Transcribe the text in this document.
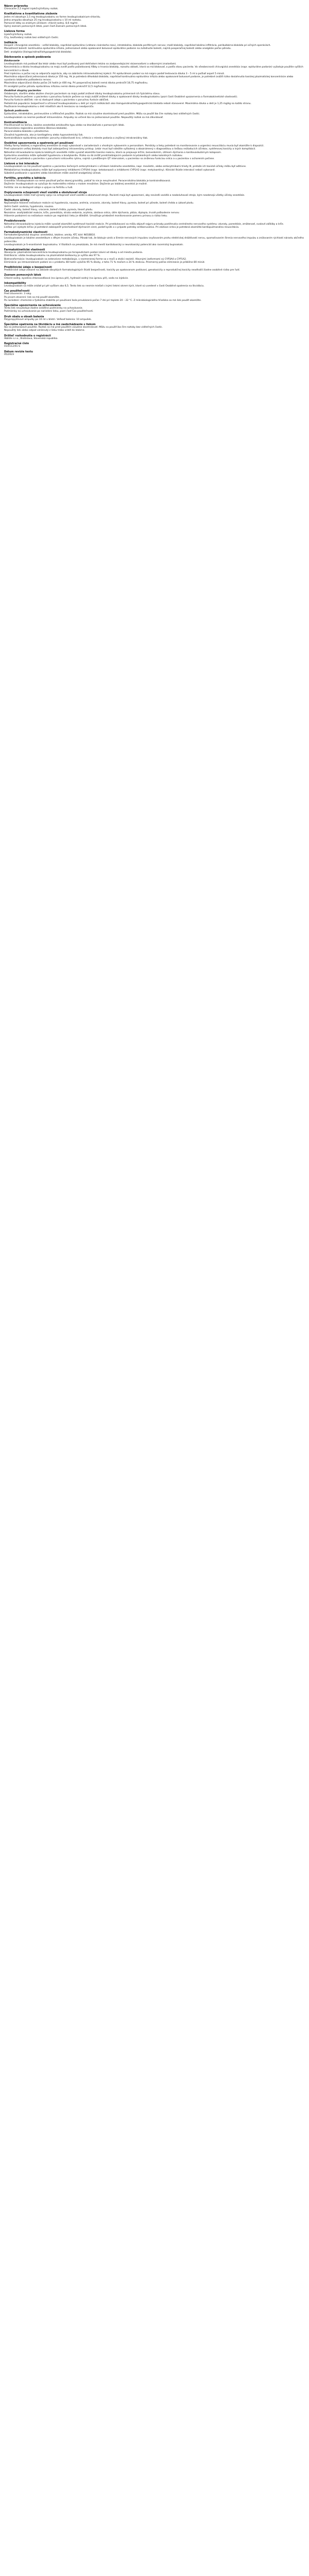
Názov prípravku

Chirocaine 2,5 mg/ml injekčný/infúzny roztok.

Kvalitatívne a kvantitatívne zloženie

Jeden ml obsahuje 2,5 mg levobupivakaínu vo forme levobupivakaínium-chloridu.

Jedna ampulka obsahuje 25 mg levobupivakaínu v 10 ml roztoku.

Pomocné látky so známym účinkom: chlorid sodný, 8,6 mg/ml.

Úplný zoznam pomocných látok, pozri časť Zoznam pomocných látok.

Liekova forma

Injekčný/infúzny roztok.

Číry, bezfarebný roztok bez viditeľných častíc.

Indikácie

Dospelí: chirurgická anestézia – veľké blokády, napríklad epidurálna (vrátane cisárskeho rezu), intratekálna, blokáda periférnych nervov; malé blokády, napríklad lokálna infiltrácia, peribulbárna blokáda pri očných operáciách.

Manažment bolesti: kontinuálna epidurálna infúzia, jednorazové alebo opakované bolusové epidurálne podanie na zvládnutie bolesti, najmä pooperačnej bolesti alebo analgézie počas pôrodu.

Deti: analgézia (ilioinguinálna/iliohypogastrická blokáda).

Dávkovanie a spôsob podávania
Dávkovanie

Levobupivakaín má podávať iba lekár alebo musí byť podávaný pod dohľadom lekára so zodpovedajúcimi skúsenosťami a odbornými znalosťami.

Koncentrácia a dávka levobupivakaínu sa majú zvoliť podľa požadovanej hĺbky a trvania blokády, rozsahu oblasti, ktorá sa má blokovať, a podľa stavu pacienta. Vo všeobecnosti chirurgická anestézia (napr. epidurálne podanie) vyžaduje použitie vyšších koncentrácií a dávok.

Pred injekciou a počas nej sa odporúča aspirácia, aby sa zabránilo intravaskulárnej injekcii. Pri epidurálnom podaní sa má najprv podať testovacia dávka 3 – 5 ml a počkať aspoň 5 minút.

Maximálna odporúčaná jednorazová dávka je 150 mg. Ak je potrebná dlhodobá blokáda, napríklad kontinuálna epidurálna infúzia alebo opakované bolusové podanie, je potrebné zvážiť riziko dosiahnutia toxickej plazmatickej koncentrácie alebo vyvolania lokálneho poškodenia nervov.

Maximálna odporúčaná dávka počas 24 hodín je 400 mg. Pri pooperačnej bolesti nemá dávka prekročiť 18,75 mg/hodinu.

Pri analgézii počas pôrodu epidurálnou infúziou nemá dávka prekročiť 12,5 mg/hodinu.

Osobitné skupiny pacientov

Oslabeným, starším alebo akútne chorým pacientom sa majú podať znížené dávky levobupivakaínu primerané ich fyzickému stavu.

Porucha funkcie pečene: u pacientov s poruchou funkcie pečene sa majú zvážiť znížené dávky a opakované dávky levobupivakaínu (pozri časti Osobitné upozornenia a Farmakokinetické vlastnosti).

Porucha funkcie obličiek: nie sú dostupné údaje u pacientov s poruchou funkcie obličiek.

Pediatrická populácia: bezpečnosť a účinnosť levobupivakaínu u detí pri iných indikáciách ako ilioinguinálna/iliohypogastrická blokáda neboli stanovené. Maximálna dávka u detí je 1,25 mg/kg na každú stranu.

Používanie levobupivakaínu u detí mladších ako 6 mesiacov sa neodporúča.

Spôsob podávania

Epidurálne, intratekálne, perineurálne a infiltračné použitie. Roztok sa má vizuálne skontrolovať pred použitím. Môžu sa použiť iba číre roztoky bez viditeľných častíc.

Levobupivakaín sa nesmie podávať intravenózne. Ampulky sú určené iba na jednorazové použitie. Nepoužitý roztok sa má zlikvidovať.

Kontraindikácie

Precitlivenosť na liečivo, lokálne anestetiká amidového typu alebo na ktorúkoľvek z pomocných látok.

Intravenózna regionálna anestézia (Bierova blokáda).

Paracervikálna blokáda v pôrodníctve.

Závažná hypotenzia, ako je kardiogénny alebo hypovolemický šok.

Kontraindikácie epidurálnej anestézie: poruchy zrážanlivosti krvi, infekcia v mieste podania a zvýšený intrakraniálny tlak.

Osobitné upozornenia a opatrenia pri používaní

Všetky formy lokálnej a regionálnej anestézie sa majú vykonávať v zariadeniach s vhodným vybavením a personálom. Pomôcky a lieky potrebné na monitorovanie a urgentnú resuscitáciu musia byť okamžite k dispozícii.

Pred vykonaním veľkej blokády musí byť zabezpečený intravenózny prístup. Lekár musí byť náležite vyškolený a oboznámený s diagnostikou a liečbou nežiaducich účinkov, systémovej toxicity a iných komplikácií.

Náhodná intravaskulárna injekcia lokálnych anestetík môže vyvolať okamžitú toxickú reakciu, ktorá sa prejavuje kŕčmi, bezvedomím, útlmom dýchania a kardiovaskulárnym kolapsom.

Epidurálna anestézia môže spôsobiť hypotenziu a bradykardiu. Riziko sa dá znížiť predchádzajúcim podaním krystaloidných alebo koloidných roztokov.

Opatrnosť je potrebná u pacientov s poruchami srdcového rytmu, najmä s predĺženým QT intervalom, u pacientov so zníženou funkciou srdca a u pacientov s ochorením pečene.

Liekové a iné interakcie

Levobupivakaín sa má používať opatrne u pacientov liečených antiarytmikami s účinkom lokálneho anestetika, napr. mexiletín, alebo antiarytmikami triedy III, pretože ich toxické účinky môžu byť aditívne.

Metabolizmus levobupivakaínu môže byť ovplyvnený inhibítormi CYP3A4 (napr. ketokonazol) a inhibítormi CYP1A2 (napr. metylxantíny). Klinické štúdie interakcií neboli vykonané.

Súbežné podávanie s opioidmi alebo klonidínom môže zosilniť analgetický účinok.

Fertilita, gravidita a laktácia

Gravidita: levobupivakaín sa nemá používať počas skorej gravidity, pokiaľ to nie je nevyhnutné. Paracervikálna blokáda je kontraindikovaná.

Dojčenie: levobupivakaín sa vylučuje do materského mlieka v malom množstve. Dojčenie po lokálnej anestézii je možné.

Fertilita: nie sú dostupné údaje o vplyve na fertilitu u ľudí.

Ovplyvnenie schopnosti viesť vozidlá a obsluhovať stroje

Levobupivakaín môže mať výrazný vplyv na schopnosť viesť vozidlá a obsluhovať stroje. Pacienti majú byť upozornení, aby neviedli vozidlá a neobsluhovali stroje, kým neodznejú všetky účinky anestézie.

Nežiaduce účinky

Najčastejšie hlásené nežiaduce reakcie sú hypotenzia, nauzea, anémia, vracanie, závraty, bolesť hlavy, pyrexia, bolesť pri pôrode, bolesť chrbta a úzkosť plodu.

Veľmi časté: anémia, hypotenzia, nauzea.

Časté: závraty, bolesť hlavy, vracanie, bolesť chrbta, pyrexia, tieseň plodu.

Neznáme: anafylaktické reakcie, kŕče, parestézia, strata vedomia, arytmia, zástava srdca, útlm dýchania, ptóza, diplopia, trvalé poškodenie nervov.

Hlásenie podozrení na nežiaduce reakcie po registrácii lieku je dôležité. Umožňuje priebežné monitorovanie pomeru prínosu a rizika lieku.

Predávkovanie

Náhodná intravaskulárna injekcia môže vyvolať okamžité systémové toxické reakcie. Pri predávkovaní sa môžu objaviť najprv príznaky postihnutia centrálneho nervového systému: závraty, parestézie, zmätenosť, svalové zášklby a kŕče.

Liečba: pri výskyte kŕčov je potrebné zabezpečiť priechodnosť dýchacích ciest, podať kyslík a v prípade potreby antikonvulzíva. Pri zástave srdca je potrebná okamžitá kardiopulmonálna resuscitácia.

Farmakodynamické vlastnosti

Farmakoterapeutická skupina: anestetiká, lokálne; amidy. ATC kód: N01BB10.

Levobupivakaín je lokálne anestetikum s dlhým trvaním účinku. Pôsobí tak, že blokuje vznik a šírenie nervových impulzov zvyšovaním prahu elektrickej dráždivosti nervu, spomaľovaním šírenia nervového impulzu a znižovaním rýchlosti nárastu akčného potenciálu.

Levobupivakaín je S-enantiomér bupivakaínu. V štúdiách sa preukázalo, že má menší kardiotoxický a neurotoxický potenciál ako racemický bupivakaín.

Farmakokinetické vlastnosti

Absorpcia: plazmatická koncentrácia levobupivakaínu po terapeutickom podaní závisí od dávky a od miesta podania.

Distribúcia: väzba levobupivakaínu na plazmatické bielkoviny je vyššia ako 97 %.

Biotransformácia: levobupivakaín sa extenzívne metabolizuje, v nezmenenej forme sa v moči a stolici nezistil. Hlavnými izoformami sú CYP3A4 a CYP1A2.

Eliminácia: po intravenóznom podaní sa v priebehu 48 hodín vylúčilo 95 % dávky, z toho 71 % močom a 24 % stolicou. Priemerný polčas eliminácie je približne 80 minút.

Predklinické údaje o bezpečnosti

Predklinické údaje získané na základe obvyklých farmakologických štúdií bezpečnosti, toxicity po opakovanom podávaní, genotoxicity a reprodukčnej toxicity neodhalili žiadne osobitné riziko pre ľudí.

Zoznam pomocných látok

Chlorid sodný, kyselina chlorovodíková (na úpravu pH), hydroxid sodný (na úpravu pH), voda na injekcie.

Inkompatibility

Levobupivakaín sa môže zrážať pri pH vyššom ako 6,5. Tento liek sa nesmie miešať s inými liekmi okrem tých, ktoré sú uvedené v časti Osobitné opatrenia na likvidáciu.

Čas použiteľnosti

Pred otvorením: 3 roky.

Po prvom otvorení: liek sa má použiť okamžite.

Po nariedení: chemická a fyzikálna stabilita pri používaní bola preukázaná počas 7 dní pri teplote 20 – 22 °C. Z mikrobiologického hľadiska sa má liek použiť okamžite.

Špeciálne upozornenia na uchovávanie

Tento liek nevyžaduje žiadne zvláštne podmienky na uchovávanie.

Podmienky na uchovávanie po nariedení lieku, pozri časť Čas použiteľnosti.

Druh obalu a obsah balenia

Polypropylénové ampulky po 10 ml v blistri. Veľkosť balenia: 10 ampuliek.

Špeciálne opatrenia na likvidáciu a iné zaobchádzanie s liekom

Iba na jednorazové použitie. Roztok sa má pred použitím vizuálne skontrolovať. Môžu sa použiť iba číre roztoky bez viditeľných častíc.

Nepoužitý liek alebo odpad vzniknutý z lieku treba vrátiť do lekárne.

Držiteľ rozhodnutia o registrácii

AbbVie s.r.o., Bratislava, Slovenská republika.

Registračné číslo

01/0112/01-S

Dátum revízie textu

05/2023
